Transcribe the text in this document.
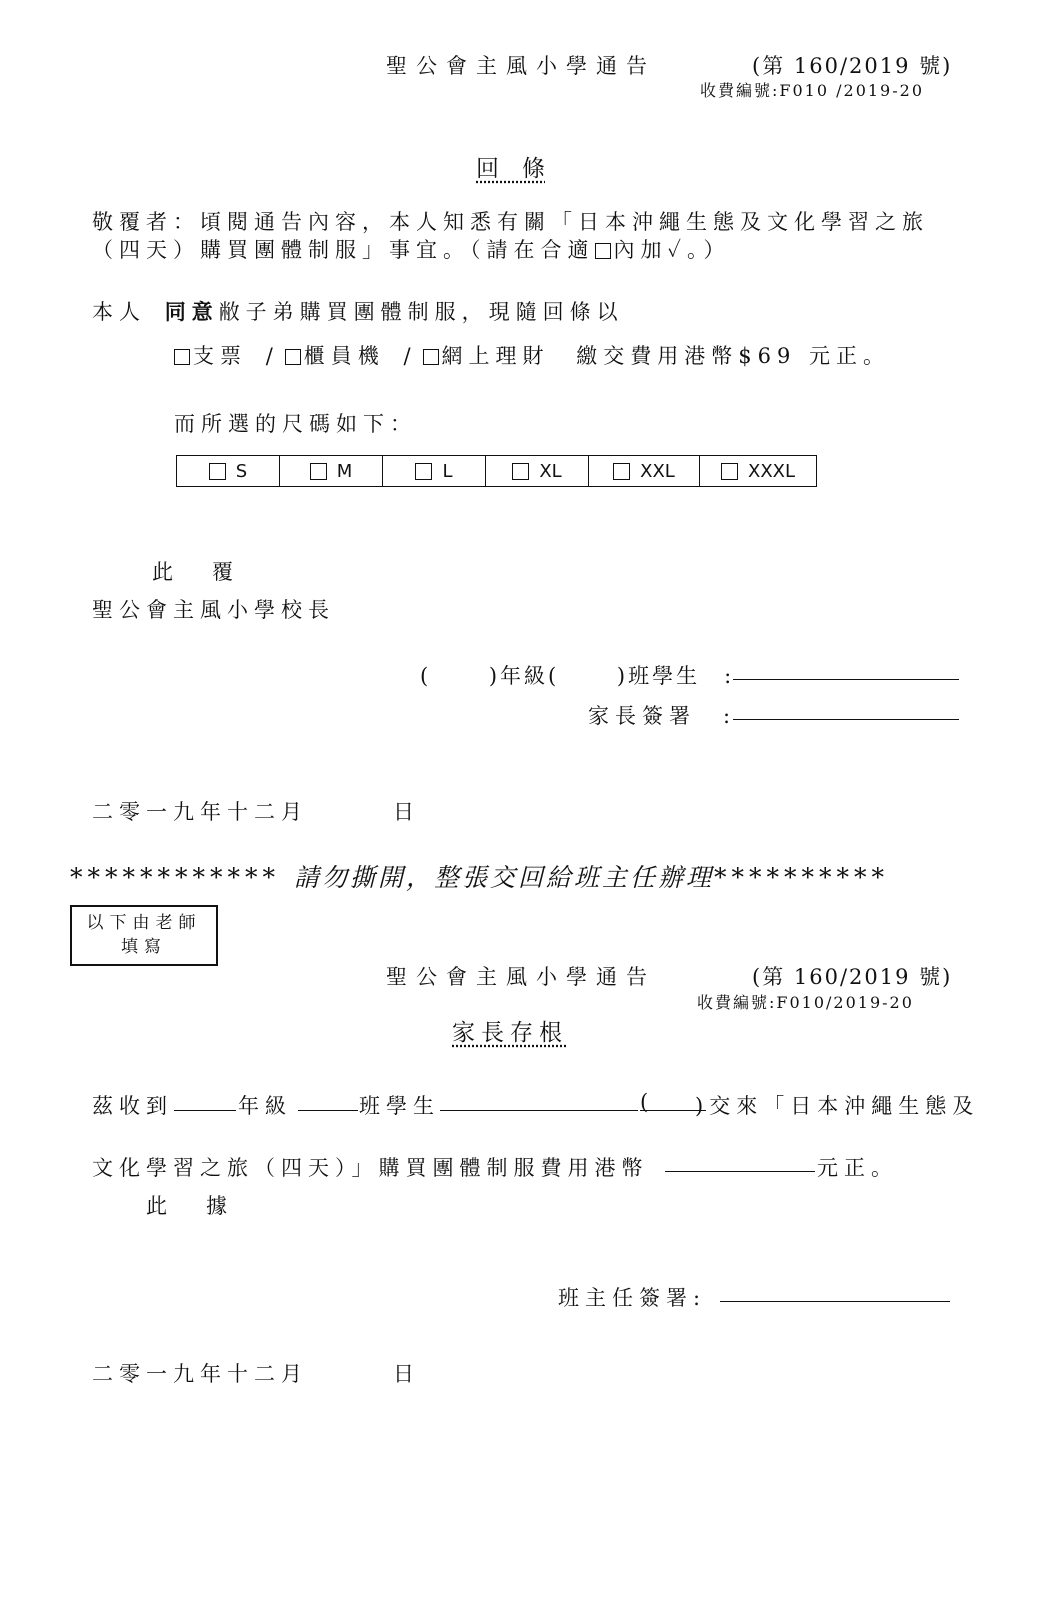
聖公會主風小學通告	(第 160/2019 號)
收費編號:F010 /2019-20
回　條
敬覆者：頃閱通告內容，本人知悉有關「日本沖繩生態及文化學習之旅
（四天）購買團體制服」事宜。（請在合適 內加✓。）
本人 同意敝子弟購買團體制服，現隨回條以
支票 / 櫃員機 / 網上理財 繳交費用港幣$69 元正。
而所選的尺碼如下：
S	M	L	XL	XXL	XXXL
此　覆
聖公會主風小學校長
(　　 )年級(　　 )班學生　:
家長簽署　:
二零一九年十二月	日
************ 請勿撕開，整張交回給班主任辦理**********
以下由老師
填寫
聖公會主風小學通告	(第 160/2019 號)
收費編號:F010/2019-20
家長存根
茲收到	年級	班學生	( )交來「日本沖繩生態及
文化學習之旅（四天）」購買團體制服費用港幣	元正。
此　據
班主任簽署:
二零一九年十二月	日
